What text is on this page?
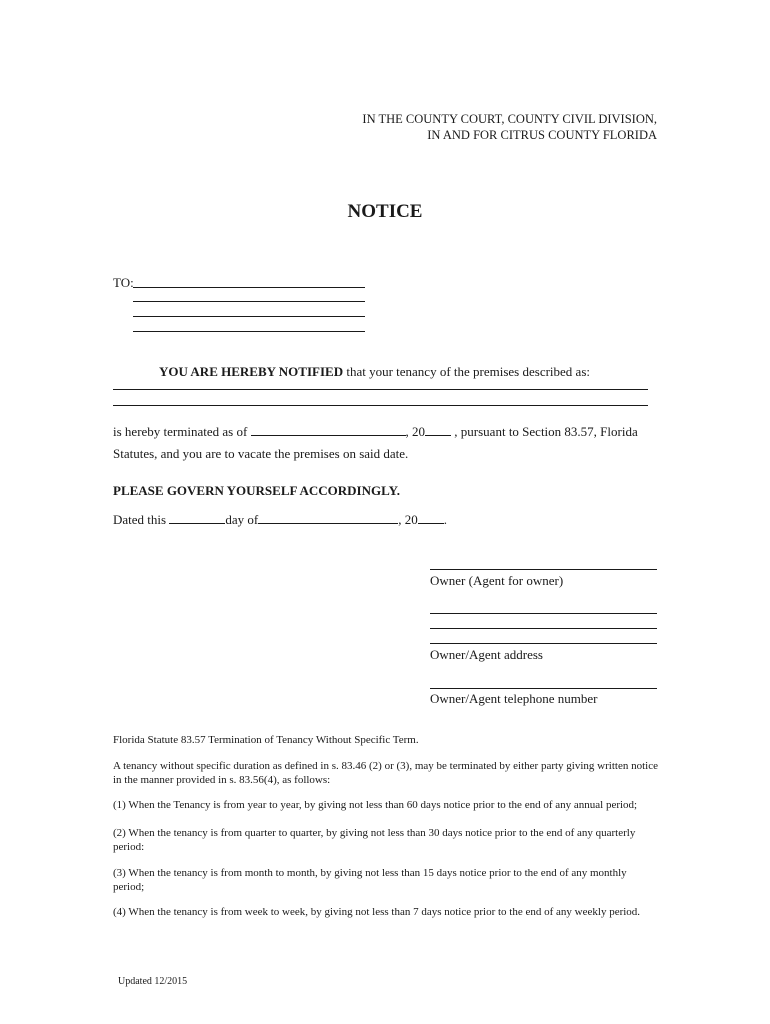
IN THE COUNTY COURT, COUNTY CIVIL DIVISION,
IN AND FOR CITRUS COUNTY FLORIDA
NOTICE
TO:
YOU ARE HEREBY NOTIFIED that your tenancy of the premises described as:
is hereby terminated as of	, 20 , pursuant to Section 83.57, Florida
Statutes, and you are to vacate the premises on said date.
PLEASE GOVERN YOURSELF ACCORDINGLY.
Dated this	day of	, 20 .
Owner (Agent for owner)
Owner/Agent address
Owner/Agent telephone number
Florida Statute 83.57 Termination of Tenancy Without Specific Term.
A tenancy without specific duration as defined in s. 83.46 (2) or (3), may be terminated by either party giving written notice in the manner provided in s. 83.56(4), as follows:
(1) When the Tenancy is from year to year, by giving not less than 60 days notice prior to the end of any annual period;
(2) When the tenancy is from quarter to quarter, by giving not less than 30 days notice prior to the end of any quarterly period:
(3) When the tenancy is from month to month, by giving not less than 15 days notice prior to the end of any monthly period;
(4) When the tenancy is from week to week, by giving not less than 7 days notice prior to the end of any weekly period.
Updated 12/2015
